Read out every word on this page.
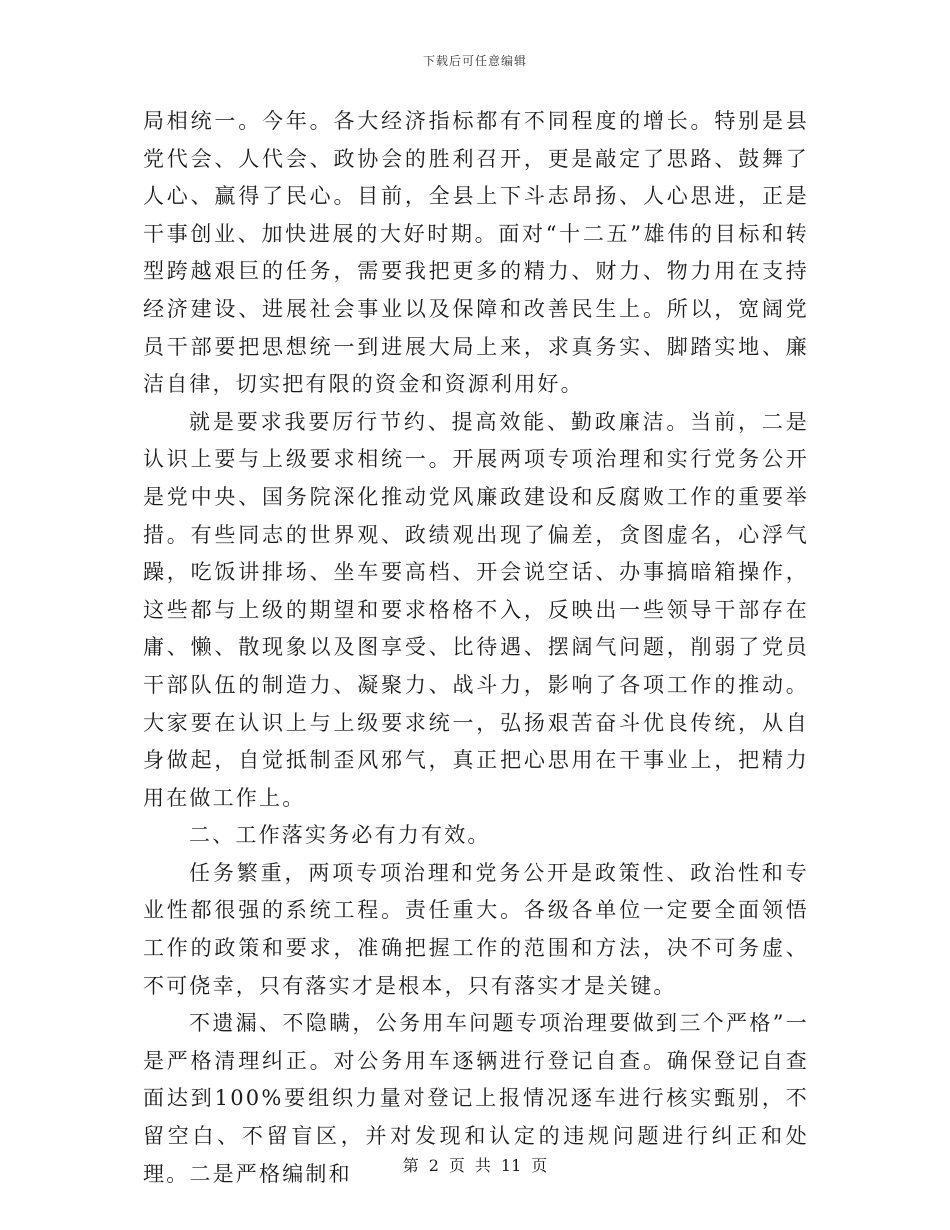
下载后可任意编辑

局相统一。今年。各大经济指标都有不同程度的增长。特别是县党代会、人代会、政协会的胜利召开，更是敲定了思路、鼓舞了人心、赢得了民心。目前，全县上下斗志昂扬、人心思进，正是干事创业、加快进展的大好时期。面对“十二五”雄伟的目标和转型跨越艰巨的任务，需要我把更多的精力、财力、物力用在支持经济建设、进展社会事业以及保障和改善民生上。所以，宽阔党员干部要把思想统一到进展大局上来，求真务实、脚踏实地、廉洁自律，切实把有限的资金和资源利用好。

就是要求我要厉行节约、提高效能、勤政廉洁。当前，二是认识上要与上级要求相统一。开展两项专项治理和实行党务公开是党中央、国务院深化推动党风廉政建设和反腐败工作的重要举措。有些同志的世界观、政绩观出现了偏差，贪图虚名，心浮气躁，吃饭讲排场、坐车要高档、开会说空话、办事搞暗箱操作，这些都与上级的期望和要求格格不入，反映出一些领导干部存在庸、懒、散现象以及图享受、比待遇、摆阔气问题，削弱了党员干部队伍的制造力、凝聚力、战斗力，影响了各项工作的推动。大家要在认识上与上级要求统一，弘扬艰苦奋斗优良传统，从自身做起，自觉抵制歪风邪气，真正把心思用在干事业上，把精力用在做工作上。

二、工作落实务必有力有效。

任务繁重，两项专项治理和党务公开是政策性、政治性和专业性都很强的系统工程。责任重大。各级各单位一定要全面领悟工作的政策和要求，准确把握工作的范围和方法，决不可务虚、不可侥幸，只有落实才是根本，只有落实才是关键。

不遗漏、不隐瞒，公务用车问题专项治理要做到三个严格”一是严格清理纠正。对公务用车逐辆进行登记自查。确保登记自查面达到100%要组织力量对登记上报情况逐车进行核实甄别，不留空白、不留盲区，并对发现和认定的违规问题进行纠正和处理。二是严格编制和	第 2 页 共 11 页
